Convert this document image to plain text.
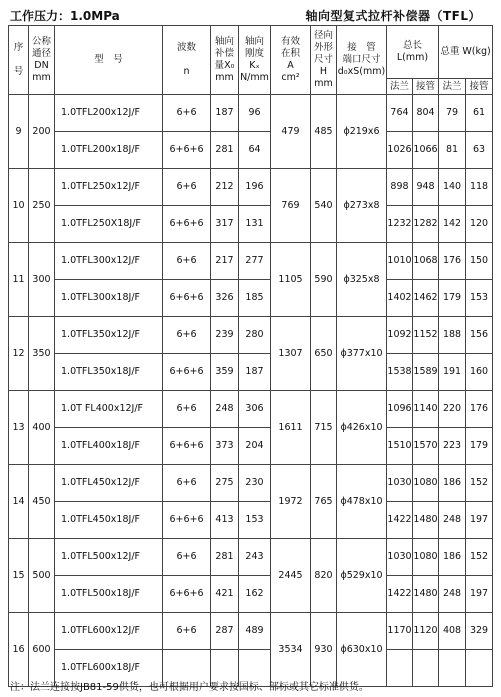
工作压力：1.0MPa	轴向型复式拉杆补偿器（TFL）
序

号	公称
通径
DN
mm	型　号	波数

n	轴向
补偿
量X₀
mm	轴向
刚度
Kₓ
N/mm	有效
在积
A
cm²	径向
外形
尺寸
H
mm	接　管
端口尺寸
d₀xS(mm)	总长 L(mm)		总重 W(kg)	
									法兰	接管	法兰	接管
9	200	1.0TFL200x12J/F	6+6	187	96	479	485	ϕ219x6	764	804	79	61
		1.0TFL200x18J/F	6+6+6	281	64				1026	1066	81	63
10	250	1.0TFL250x12J/F	6+6	212	196	769	540	ϕ273x8	898	948	140	118
		1.0TFL250X18J/F	6+6+6	317	131				1232	1282	142	120
11	300	1.0TFL300x12J/F	6+6	217	277	1105	590	ϕ325x8	1010	1068	176	150
		1.0TFL300x18J/F	6+6+6	326	185				1402	1462	179	153
12	350	1.0TFL350x12J/F	6+6	239	280	1307	650	ϕ377x10	1092	1152	188	156
		1.0TFL350x18J/F	6+6+6	359	187				1538	1589	191	160
13	400	1.0T FL400x12J/F	6+6	248	306	1611	715	ϕ426x10	1096	1140	220	176
		1.0TFL400x18J/F	6+6+6	373	204				1510	1570	223	179
14	450	1.0TFL450x12J/F	6+6	275	230	1972	765	ϕ478x10	1030	1080	186	152
		1.0TFL450x18J/F	6+6+6	413	153				1422	1480	248	197
15	500	1.0TFL500x12J/F	6+6	281	243	2445	820	ϕ529x10	1030	1080	186	152
		1.0TFL500x18J/F	6+6+6	421	162				1422	1480	248	197
16	600	1.0TFL600x12J/F	6+6	287	489	3534	930	ϕ630x10	1170	1120	408	329
		1.0TFL600x18J/F										
注：法兰连接按JB81-59供货，也可根据用户要求按国标、部标或其它标准供货。
